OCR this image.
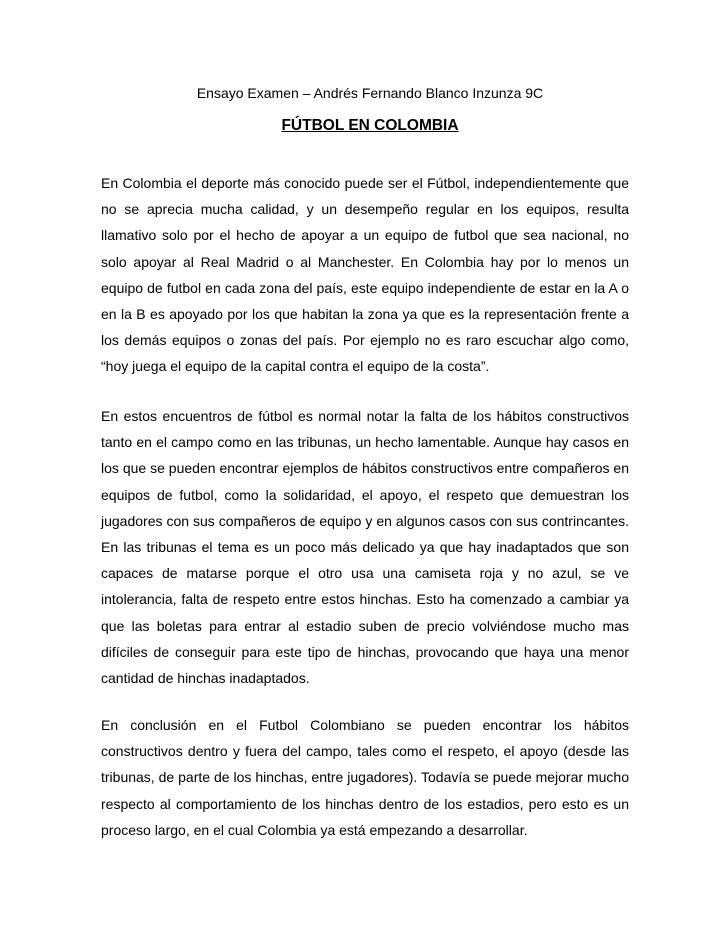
Ensayo Examen – Andrés Fernando Blanco Inzunza 9C
FÚTBOL EN COLOMBIA

En Colombia el deporte más conocido puede ser el Fútbol, independientemente que no se aprecia mucha calidad, y un desempeño regular en los equipos, resulta llamativo solo por el hecho de apoyar a un equipo de futbol que sea nacional, no solo apoyar al Real Madrid o al Manchester. En Colombia hay por lo menos un equipo de futbol en cada zona del país, este equipo independiente de estar en la A o en la B es apoyado por los que habitan la zona ya que es la representación frente a los demás equipos o zonas del país. Por ejemplo no es raro escuchar algo como, “hoy juega el equipo de la capital contra el equipo de la costa”.

En estos encuentros de fútbol es normal notar la falta de los hábitos constructivos tanto en el campo como en las tribunas, un hecho lamentable. Aunque hay casos en los que se pueden encontrar ejemplos de hábitos constructivos entre compañeros en equipos de futbol, como la solidaridad, el apoyo, el respeto que demuestran los jugadores con sus compañeros de equipo y en algunos casos con sus contrincantes. En las tribunas el tema es un poco más delicado ya que hay inadaptados que son capaces de matarse porque el otro usa una camiseta roja y no azul, se ve intolerancia, falta de respeto entre estos hinchas. Esto ha comenzado a cambiar ya que las boletas para entrar al estadio suben de precio volviéndose mucho mas difíciles de conseguir para este tipo de hinchas, provocando que haya una menor cantidad de hinchas inadaptados.

En conclusión en el Futbol Colombiano se pueden encontrar los hábitos constructivos dentro y fuera del campo, tales como el respeto, el apoyo (desde las tribunas, de parte de los hinchas, entre jugadores). Todavía se puede mejorar mucho respecto al comportamiento de los hinchas dentro de los estadios, pero esto es un proceso largo, en el cual Colombia ya está empezando a desarrollar.
